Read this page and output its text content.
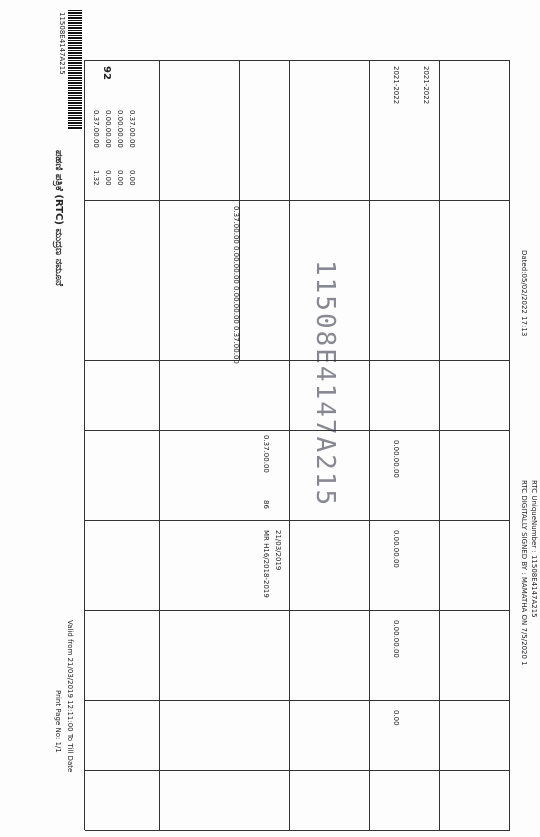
11508E4147A215
ಪಹಣಿ ಪತ್ರಿಕೆ (RTC) ಮುದ್ರಣ ನಮೂನೆ
Print Page No: 1/1 Valid from 21/03/2019 12:11:00 To Till Date
92
0.37.00.00 0.00.00.00 0.00.00.00 0.37.00.00
0.00 0.00 0.00
1.32
0.37.00.00
0.00.00.00
0.00.00.00
0.37.00.00
0.37.00.00
86
MR H16/2018-2019 21/03/2019
2021-2022	2021-2022
0.00.00.00
0.00.00.00
0.00.00.00
0.00
Dated:05/02/2022 17:13
RTC DIGITALLY SIGNED BY : MAMATHA ON 7/5/2020 1 RTC UniqueNumber : 11508E4147A215
11508E4147A215
